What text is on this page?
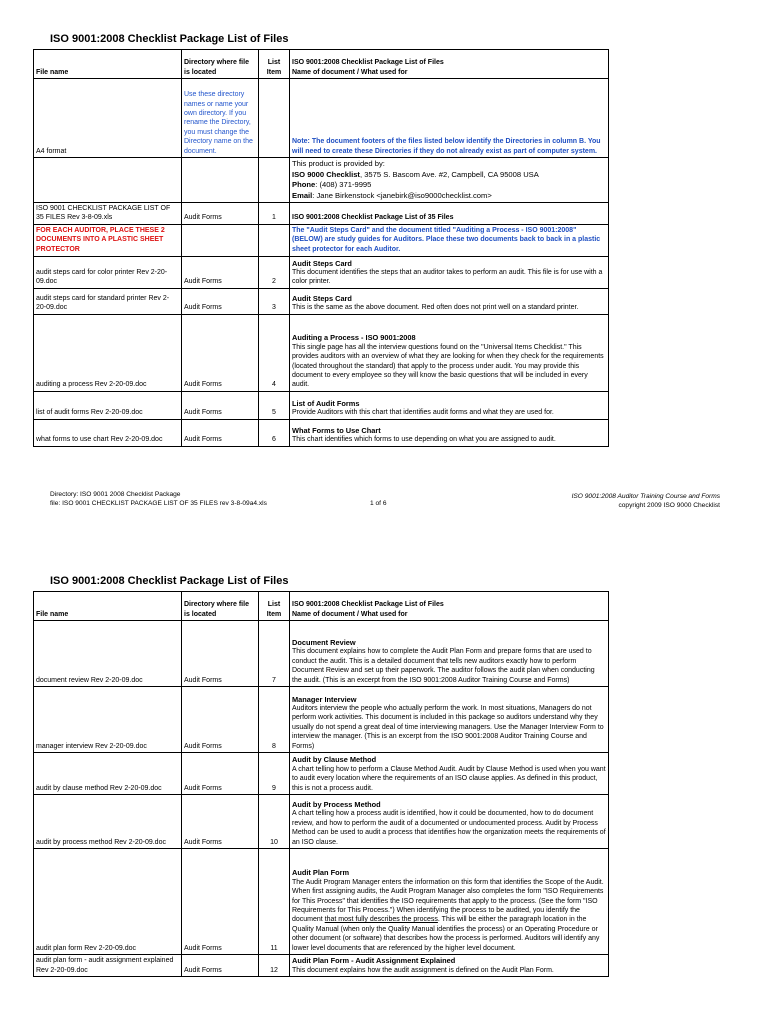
ISO 9001:2008 Checklist Package List of Files
File name	Directory where file is located	List Item	ISO 9001:2008 Checklist Package List of Files
Name of document / What used for

A4 format	Use these directory names or name your own directory. If you rename the Directory, you must change the Directory name on the document.		Note: The document footers of the files listed below identify the Directories in column B. You will need to create these Directories if they do not already exist as part of computer system.

			This product is provided by:
ISO 9000 Checklist, 3575 S. Bascom Ave. #2, Campbell, CA 95008 USA
Phone: (408) 371-9995
Email: Jane Birkenstock <janebirk@iso9000checklist.com>

ISO 9001 CHECKLIST PACKAGE LIST OF 35 FILES Rev 3-8-09.xls	Audit Forms	1	ISO 9001:2008 Checklist Package List of 35 Files
FOR EACH AUDITOR, PLACE THESE 2 DOCUMENTS INTO A PLASTIC SHEET PROTECTOR			The "Audit Steps Card" and the document titled "Auditing a Process - ISO 9001:2008" (BELOW) are study guides for Auditors. Place these two documents back to back in a plastic sheet protector for each Auditor.
audit steps card for color printer Rev 2-20-09.doc	Audit Forms	2	Audit Steps Card
This document identifies the steps that an auditor takes to perform an audit. This file is for use with a color printer.

audit steps card for standard printer Rev 2-20-09.doc	Audit Forms	3	Audit Steps Card
This is the same as the above document. Red often does not print well on a standard printer.

auditing a process Rev 2-20-09.doc	Audit Forms	4	Auditing a Process - ISO 9001:2008
This single page has all the interview questions found on the "Universal Items Checklist." This provides auditors with an overview of what they are looking for when they check for the requirements (located throughout the standard) that apply to the process under audit. You may provide this document to every employee so they will know the basic questions that will be included in every audit.

list of audit forms Rev 2-20-09.doc	Audit Forms	5	List of Audit Forms
Provide Auditors with this chart that identifies audit forms and what they are used for.

what forms to use chart Rev 2-20-09.doc	Audit Forms	6	What Forms to Use Chart
This chart identifies which forms to use depending on what you are assigned to audit.
Directory: ISO 9001 2008 Checklist Package
file: ISO 9001 CHECKLIST PACKAGE LIST OF 35 FILES rev 3-8-09a4.xls	1 of 6
ISO 9001:2008 Auditor Training Course and Forms
copyright 2009 ISO 9000 Checklist
ISO 9001:2008 Checklist Package List of Files
File name	Directory where file is located	List Item	ISO 9001:2008 Checklist Package List of Files
Name of document / What used for

document review Rev 2-20-09.doc	Audit Forms	7	Document Review
This document explains how to complete the Audit Plan Form and prepare forms that are used to conduct the audit. This is a detailed document that tells new auditors exactly how to perform Document Review and set up their paperwork. The auditor follows the audit plan when conducting the audit. (This is an excerpt from the ISO 9001:2008 Auditor Training Course and Forms)

manager interview Rev 2-20-09.doc	Audit Forms	8	Manager Interview
Auditors interview the people who actually perform the work. In most situations, Managers do not perform work activities. This document is included in this package so auditors understand why they usually do not spend a great deal of time interviewing managers. Use the Manager Interview Form to interview the manager. (This is an excerpt from the ISO 9001:2008 Auditor Training Course and Forms)

audit by clause method Rev 2-20-09.doc	Audit Forms	9	Audit by Clause Method
A chart telling how to perform a Clause Method Audit. Audit by Clause Method is used when you want to audit every location where the requirements of an ISO clause applies. As defined in this product, this is not a process audit.

audit by process method Rev 2-20-09.doc	Audit Forms	10	Audit by Process Method
A chart telling how a process audit is identified, how it could be documented, how to do document review, and how to perform the audit of a documented or undocumented process. Audit by Process Method can be used to audit a process that identifies how the organization meets the requirements of an ISO clause.

audit plan form Rev 2-20-09.doc	Audit Forms	11	Audit Plan Form
The Audit Program Manager enters the information on this form that identifies the Scope of the Audit. When first assigning audits, the Audit Program Manager also completes the form "ISO Requirements for This Process" that identifies the ISO requirements that apply to the process. (See the form "ISO Requirements for This Process.") When identifying the process to be audited, you identify the document that most fully describes the process. This will be either the paragraph location in the Quality Manual (when only the Quality Manual identifies the process) or an Operating Procedure or other document (or software) that describes how the process is performed. Auditors will identify any lower level documents that are referenced by the higher level document.

audit plan form - audit assignment explained Rev 2-20-09.doc	Audit Forms	12	Audit Plan Form - Audit Assignment Explained
This document explains how the audit assignment is defined on the Audit Plan Form.
